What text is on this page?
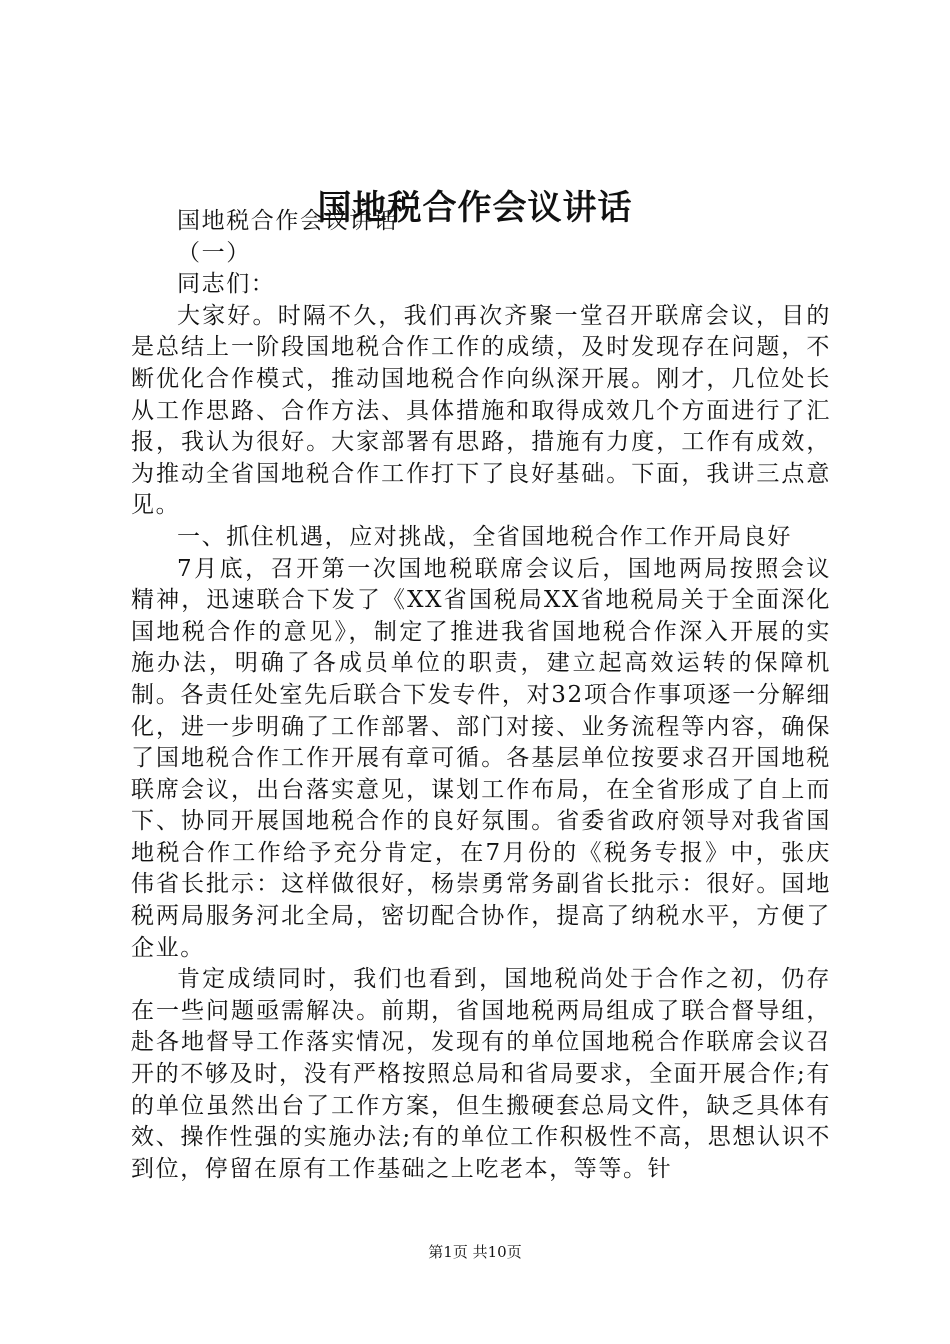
国地税合作会议讲话

国地税合作会议讲话

（一）

同志们：

大家好。时隔不久，我们再次齐聚一堂召开联席会议，目的是总结上一阶段国地税合作工作的成绩，及时发现存在问题，不断优化合作模式，推动国地税合作向纵深开展。刚才，几位处长从工作思路、合作方法、具体措施和取得成效几个方面进行了汇报，我认为很好。大家部署有思路，措施有力度，工作有成效，为推动全省国地税合作工作打下了良好基础。下面，我讲三点意见。

一、抓住机遇，应对挑战，全省国地税合作工作开局良好

7月底，召开第一次国地税联席会议后，国地两局按照会议精神，迅速联合下发了《XX省国税局XX省地税局关于全面深化国地税合作的意见》，制定了推进我省国地税合作深入开展的实施办法，明确了各成员单位的职责，建立起高效运转的保障机制。各责任处室先后联合下发专件，对32项合作事项逐一分解细化，进一步明确了工作部署、部门对接、业务流程等内容，确保了国地税合作工作开展有章可循。各基层单位按要求召开国地税联席会议，出台落实意见，谋划工作布局，在全省形成了自上而下、协同开展国地税合作的良好氛围。省委省政府领导对我省国地税合作工作给予充分肯定，在7月份的《税务专报》中，张庆伟省长批示：这样做很好，杨崇勇常务副省长批示：很好。国地税两局服务河北全局，密切配合协作，提高了纳税水平，方便了企业。

肯定成绩同时，我们也看到，国地税尚处于合作之初，仍存在一些问题亟需解决。前期，省国地税两局组成了联合督导组，赴各地督导工作落实情况，发现有的单位国地税合作联席会议召开的不够及时，没有严格按照总局和省局要求，全面开展合作;有的单位虽然出台了工作方案，但生搬硬套总局文件，缺乏具体有效、操作性强的实施办法;有的单位工作积极性不高，思想认识不到位，停留在原有工作基础之上吃老本，等等。针

第1页 共10页
